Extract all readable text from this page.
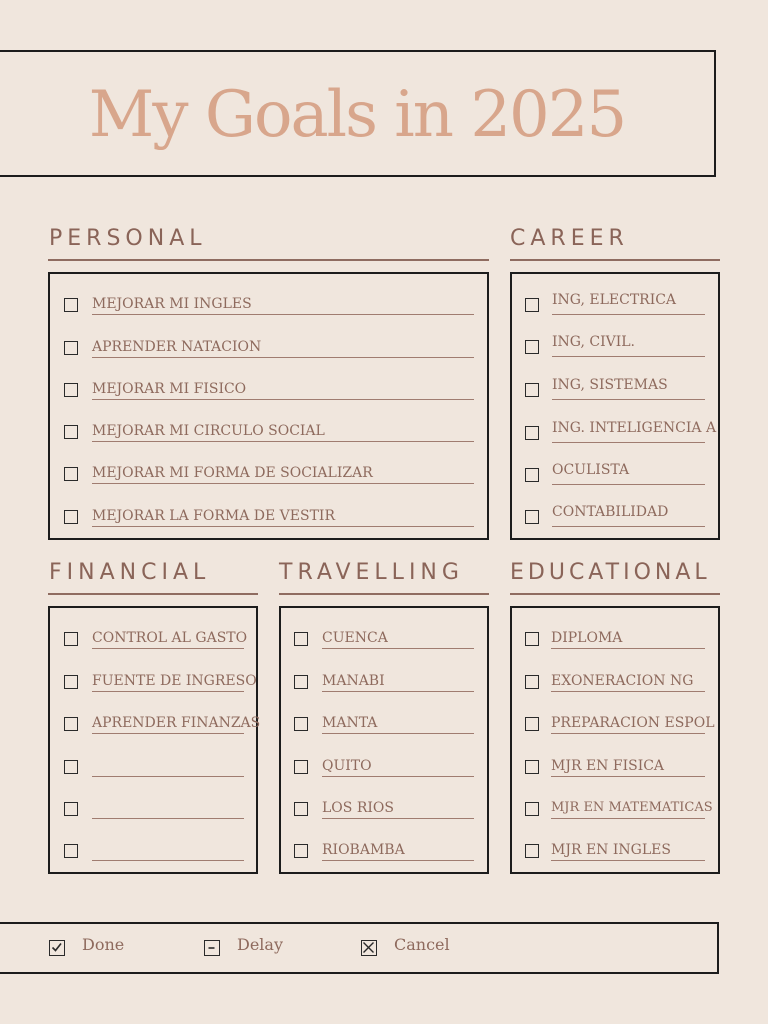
My Goals in 2025
PERSONAL
MEJORAR MI INGLES
APRENDER NATACION
MEJORAR MI FISICO
MEJORAR MI CIRCULO SOCIAL
MEJORAR MI FORMA DE SOCIALIZAR
MEJORAR LA FORMA DE VESTIR
CAREER
ING, ELECTRICA
ING, CIVIL.
ING, SISTEMAS
ING. INTELIGENCIA A
OCULISTA
CONTABILIDAD
FINANCIAL
CONTROL AL GASTO
FUENTE DE INGRESO
APRENDER FINANZAS
TRAVELLING
CUENCA
MANABI
MANTA
QUITO
LOS RIOS
RIOBAMBA
EDUCATIONAL
DIPLOMA
EXONERACION NG
PREPARACION ESPOL
MJR EN FISICA
MJR EN MATEMATICAS
MJR EN INGLES
Done	Delay	Cancel
